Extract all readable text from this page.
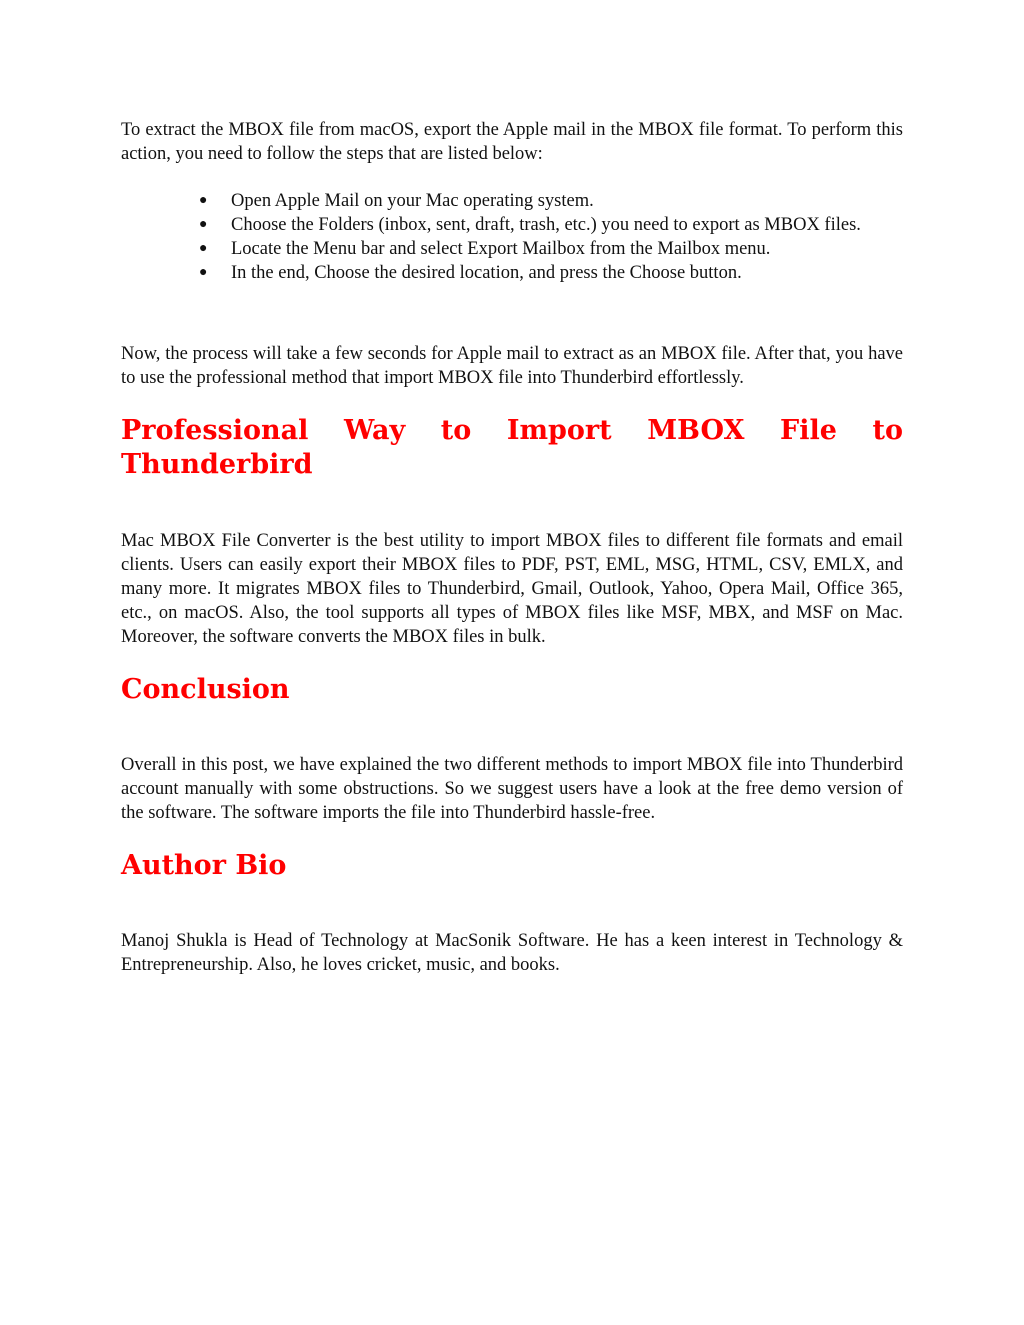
To extract the MBOX file from macOS, export the Apple mail in the MBOX file format. To perform this action, you need to follow the steps that are listed below:

● Open Apple Mail on your Mac operating system.
● Choose the Folders (inbox, sent, draft, trash, etc.) you need to export as MBOX files.
● Locate the Menu bar and select Export Mailbox from the Mailbox menu.
● In the end, Choose the desired location, and press the Choose button.

Now, the process will take a few seconds for Apple mail to extract as an MBOX file. After that, you have to use the professional method that import MBOX file into Thunderbird effortlessly.

Professional Way to Import MBOX File to Thunderbird

Mac MBOX File Converter is the best utility to import MBOX files to different file formats and email clients. Users can easily export their MBOX files to PDF, PST, EML, MSG, HTML, CSV, EMLX, and many more. It migrates MBOX files to Thunderbird, Gmail, Outlook, Yahoo, Opera Mail, Office 365, etc., on macOS. Also, the tool supports all types of MBOX files like MSF, MBX, and MSF on Mac. Moreover, the software converts the MBOX files in bulk.

Conclusion

Overall in this post, we have explained the two different methods to import MBOX file into Thunderbird account manually with some obstructions. So we suggest users have a look at the free demo version of the software. The software imports the file into Thunderbird hassle-free.

Author Bio

Manoj Shukla is Head of Technology at MacSonik Software. He has a keen interest in Technology & Entrepreneurship. Also, he loves cricket, music, and books.
